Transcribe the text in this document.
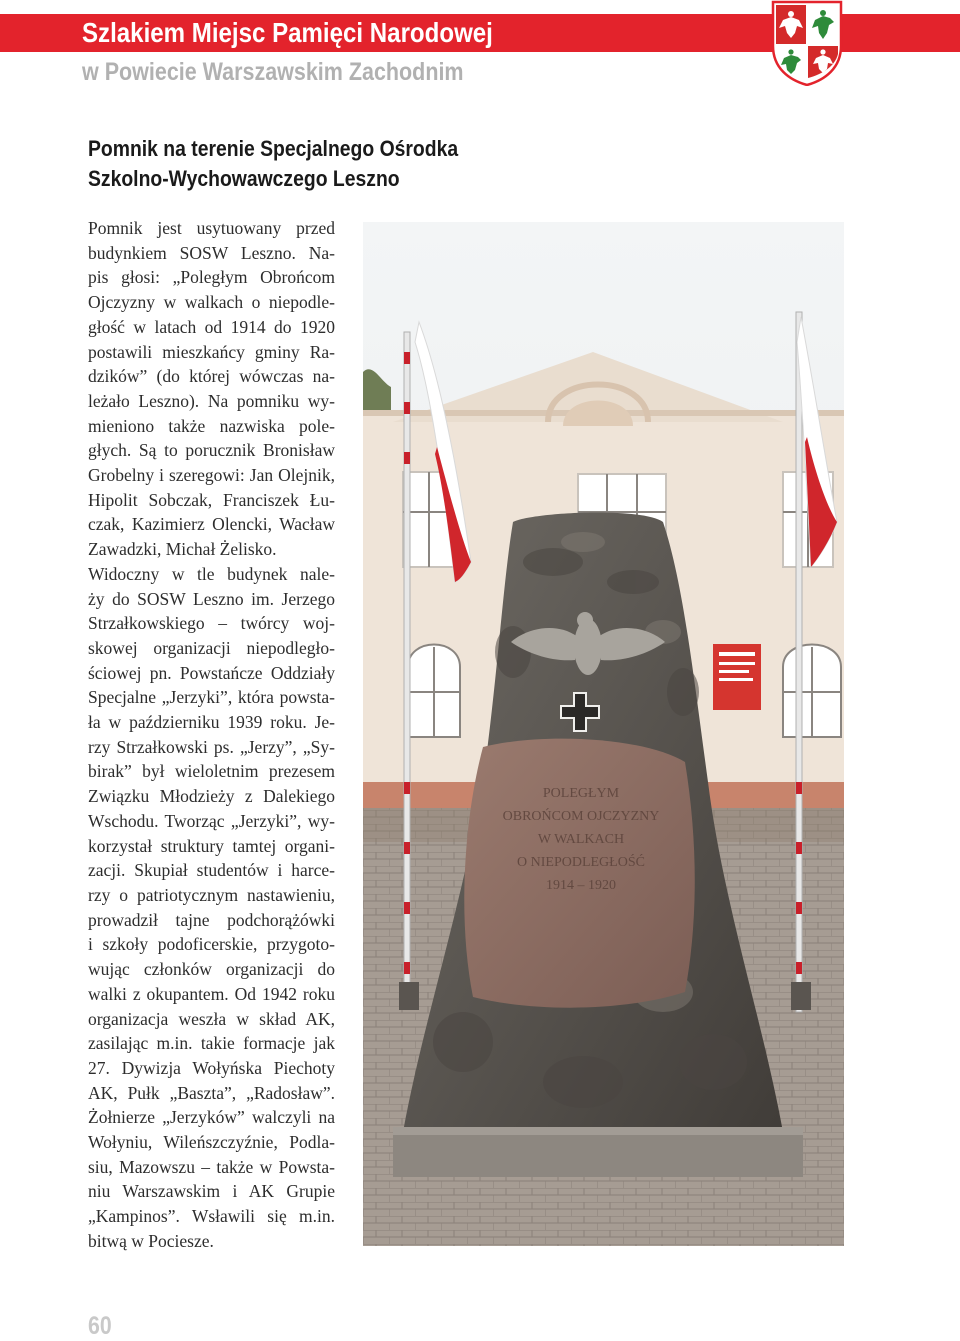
Szlakiem Miejsc Pamięci Narodowej
w Powiecie Warszawskim Zachodnim
Pomnik na terenie Specjalnego Ośrodka
Szkolno-Wychowawczego Leszno
Pomnik jest usytuowany przed
budynkiem SOSW Leszno. Na-
pis głosi: „Poległym Obrońcom
Ojczyzny w walkach o niepodle-
głość w latach od 1914 do 1920
postawili mieszkańcy gminy Ra-
dzików” (do której wówczas na-
leżało Leszno). Na pomniku wy-
mieniono także nazwiska pole-
głych. Są to porucznik Bronisław
Grobelny i szeregowi: Jan Olejnik,
Hipolit Sobczak, Franciszek Łu-
czak, Kazimierz Olencki, Wacław
Zawadzki, Michał Żelisko.
Widoczny w tle budynek nale-
ży do SOSW Leszno im. Jerzego
Strzałkowskiego – twórcy woj-
skowej organizacji niepodległo-
ściowej pn. Powstańcze Oddziały
Specjalne „Jerzyki”, która powsta-
ła w październiku 1939 roku. Je-
rzy Strzałkowski ps. „Jerzy”, „Sy-
birak” był wieloletnim prezesem
Związku Młodzieży z Dalekiego
Wschodu. Tworząc „Jerzyki”, wy-
korzystał struktury tamtej organi-
zacji. Skupiał studentów i harce-
rzy o patriotycznym nastawieniu,
prowadził tajne podchorążówki
i szkoły podoficerskie, przygoto-
wując członków organizacji do
walki z okupantem. Od 1942 roku
organizacja weszła w skład AK,
zasilając m.in. takie formacje jak
27. Dywizja Wołyńska Piechoty
AK, Pułk „Baszta”, „Radosław”.
Żołnierze „Jerzyków” walczyli na
Wołyniu, Wileńszczyźnie, Podla-
siu, Mazowszu – także w Powsta-
niu Warszawskim i AK Grupie
„Kampinos”. Wsławili się m.in.
bitwą w Pociesze.
POLEGŁYM
OBROŃCOM OJCZYZNY
W WALKACH
O NIEPODLEGŁOŚĆ
1914 – 1920
60
